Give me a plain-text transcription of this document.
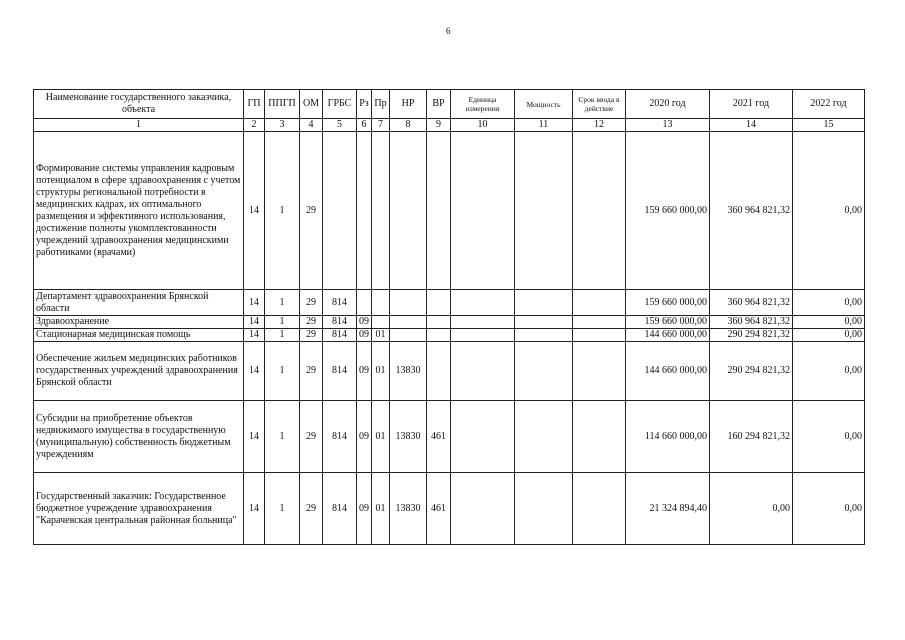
6
Наименование государственного заказчика, объекта	ГП	ППГП	ОМ	ГРБС	Рз	Пр	НР	ВР	Единица измерения	Мощность	Срок ввода в действие	2020 год	2021 год	2022 год
1	2	3	4	5	6	7	8	9	10	11	12	13	14	15
Формирование системы управления кадровым потенциалом в сфере здравоохранения с учетом структуры региональной потребности в медицинских кадрах, их оптимального размещения и эффективного использования, достижение полноты укомплектованности учреждений здравоохранения медицинскими работниками (врачами)	14	1	29									159 660 000,00	360 964 821,32	0,00
Департамент здравоохранения Брянской области	14	1	29	814								159 660 000,00	360 964 821,32	0,00
Здравоохранение	14	1	29	814	09							159 660 000,00	360 964 821,32	0,00
Стационарная медицинская помощь	14	1	29	814	09	01						144 660 000,00	290 294 821,32	0,00
Обеспечение жильем медицинских работников государственных учреждений здравоохранения Брянской области	14	1	29	814	09	01	13830					144 660 000,00	290 294 821,32	0,00
Субсидии на приобретение объектов недвижимого имущества в государственную (муниципальную) собственность бюджетным учреждениям	14	1	29	814	09	01	13830	461				114 660 000,00	160 294 821,32	0,00
Государственный заказчик: Государственное бюджетное учреждение здравоохранения "Карачевская центральная районная больница"	14	1	29	814	09	01	13830	461				21 324 894,40	0,00	0,00
